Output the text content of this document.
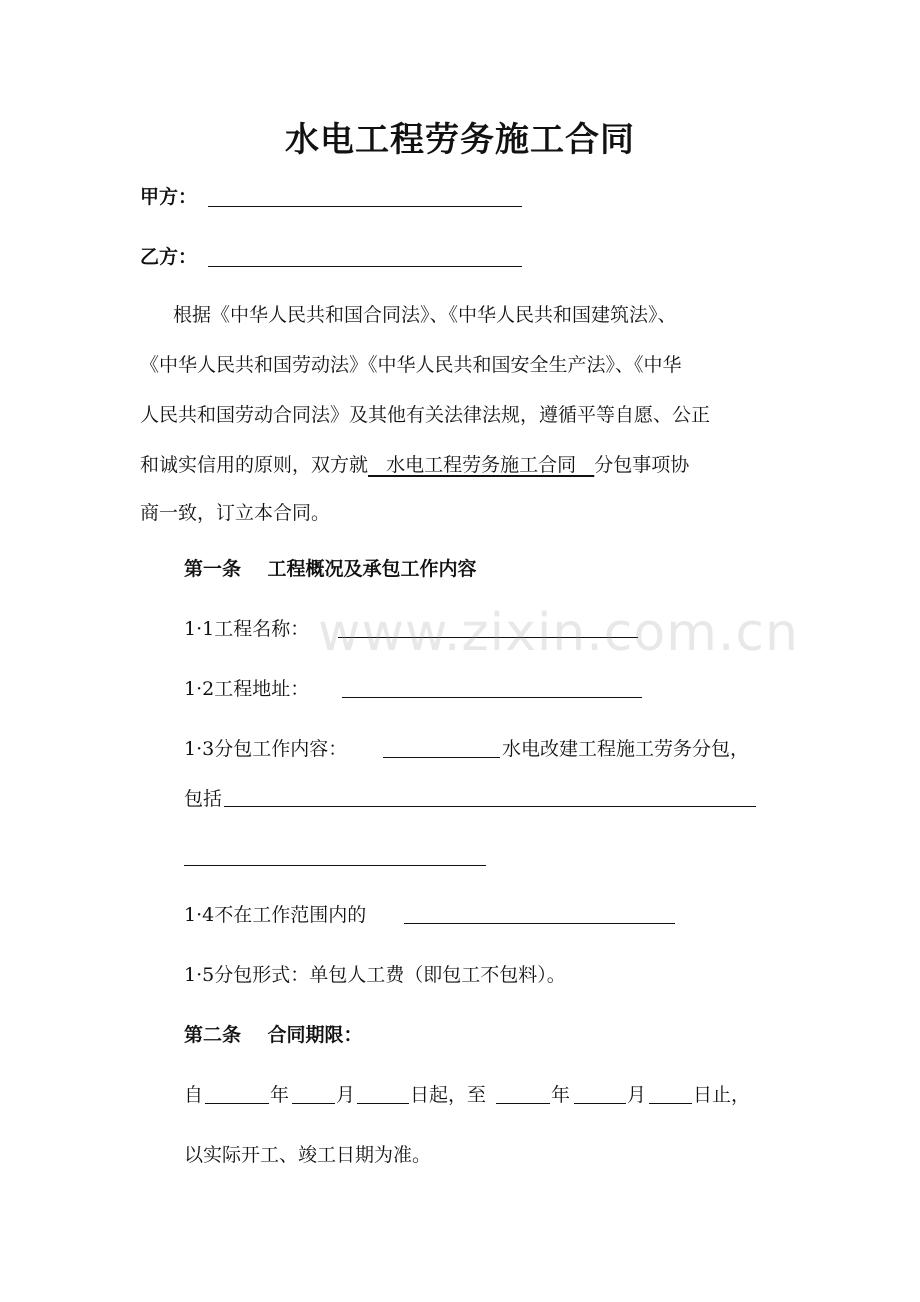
水电工程劳务施工合同
甲方：
乙方：
根据《中华人民共和国合同法》、《中华人民共和国建筑法》、
《中华人民共和国劳动法》《中华人民共和国安全生产法》、《中华
人民共和国劳动合同法》及其他有关法律法规，遵循平等自愿、公正
和诚实信用的原则，双方就   水电工程劳务施工合同   分包事项协
商一致，订立本合同。
第一条    工程概况及承包工作内容
1·1工程名称：
1·2工程地址：
1·3分包工作内容：	水电改建工程施工劳务分包，
包括
1·4不在工作范围内的
1·5分包形式：单包人工费（即包工不包料）。
第二条    合同期限：
自	年 月	日起，至	年	月 日止，
以实际开工、竣工日期为准。
www.zixin.com.cn
